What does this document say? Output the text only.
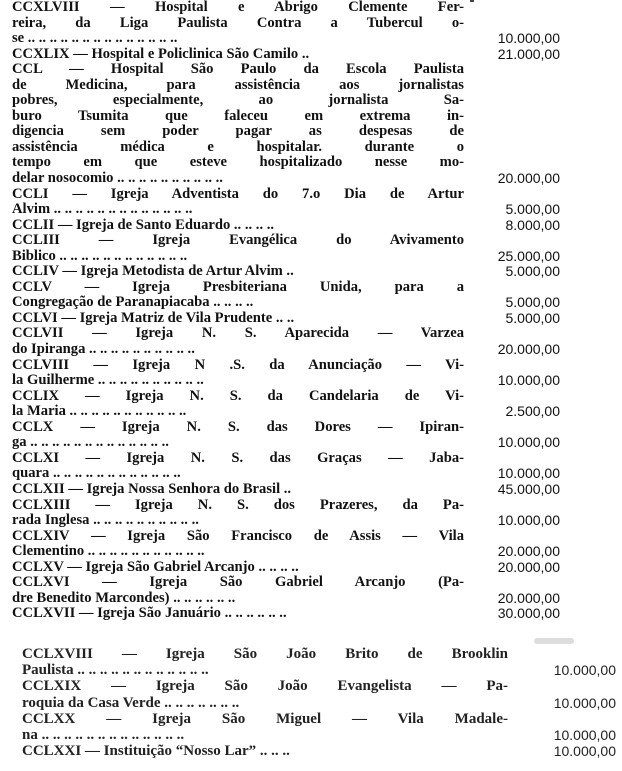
CCXLVIII — Hospital e Abrigo Clemente Fer-
reira, da Liga Paulista Contra a Tubercul o-
se .. .. .. .. .. .. .. .. .. .. .. .. .. ..	10.000,00
CCXLIX — Hospital e Policlinica São Camilo ..	21.000,00
CCL — Hospital São Paulo da Escola Paulista
de Medicina, para assistência aos jornalistas
pobres, especialmente, ao jornalista Sa-
buro Tsumita que faleceu em extrema in-
digencia sem poder pagar as despesas de
assistência médica e hospitalar. durante o
tempo em que esteve hospitalizado nesse mo-
delar nosocomio .. .. .. .. .. .. .. .. .. ..	20.000,00
CCLI — Igreja Adventista do 7.o Dia de Artur
Alvim .. .. .. .. .. .. .. .. .. .. .. .. ..	5.000,00
CCLII — Igreja de Santo Eduardo .. .. .. ..	8.000,00
CCLIII — Igreja Evangélica do Avivamento
Biblico .. .. .. .. .. .. .. .. .. .. .. ..	25.000,00
CCLIV — Igreja Metodista de Artur Alvim ..	5.000,00
CCLV — Igreja Presbiteriana Unida, para a
Congregação de Paranapiacaba .. .. .. ..	5.000,00
CCLVI — Igreja Matriz de Vila Prudente .. ..	5.000,00
CCLVII — Igreja N. S. Aparecida — Varzea
do Ipiranga .. .. .. .. .. .. .. .. .. ..	20.000,00
CCLVIII — Igreja N .S. da Anunciação — Vi-
la Guilherme .. .. .. .. .. .. .. .. .. ..	10.000,00
CCLIX — Igreja N. S. da Candelaria de Vi-
la Maria .. .. .. .. .. .. .. .. .. .. ..	2.500,00
CCLX — Igreja N. S. das Dores — Ipiran-
ga .. .. .. .. .. .. .. .. .. .. .. .. ..	10.000,00
CCLXI — Igreja N. S. das Graças — Jaba-
quara .. .. .. .. .. .. .. .. .. .. .. ..	10.000,00
CCLXII — Igreja Nossa Senhora do Brasil ..	45.000,00
CCLXIII — Igreja N. S. dos Prazeres, da Pa-
rada Inglesa .. .. .. .. .. .. .. .. .. ..	10.000,00
CCLXIV — Igreja São Francisco de Assis — Vila
Clementino .. .. .. .. .. .. .. .. .. .. ..	20.000,00
CCLXV — Igreja São Gabriel Arcanjo .. .. .. ..	20.000,00
CCLXVI — Igreja São Gabriel Arcanjo (Pa-
dre Benedito Marcondes) .. .. .. .. .. ..	20.000,00
CCLXVII — Igreja São Januário .. .. .. .. .. ..	30.000,00
CCLXVIII — Igreja São João Brito de Brooklin
Paulista .. .. .. .. .. .. .. .. .. .. .. ..	10.000,00
CCLXIX — Igreja São João Evangelista — Pa-
roquia da Casa Verde .. .. .. .. .. .. ..	10.000,00
CCLXX — Igreja São Miguel — Vila Madale-
na .. .. .. .. .. .. .. .. .. .. .. .. ..	10.000,00
CCLXXI — Instituição “Nosso Lar” .. .. ..	10.000,00
